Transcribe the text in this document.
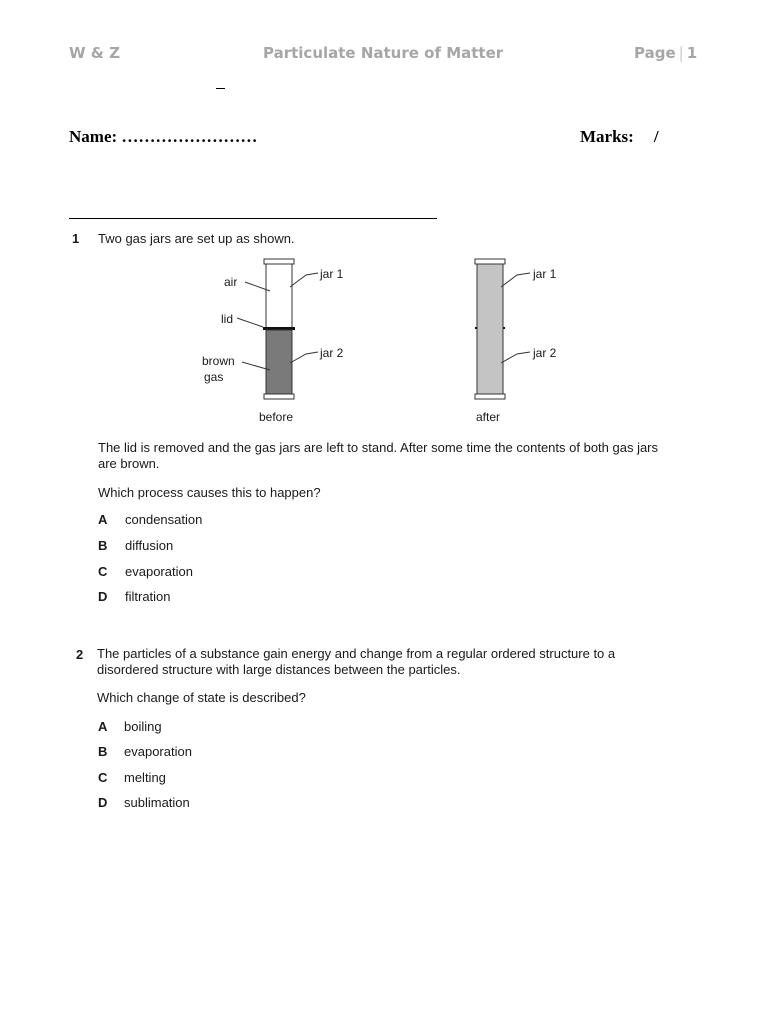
W & Z	Particulate Nature of Matter	Page | 1
Name: ……………………	Marks: /
1 Two gas jars are set up as shown.
air
lid
brown
gas
jar 1
jar 2
before
jar 1
jar 2
after
The lid is removed and the gas jars are left to stand. After some time the contents of both gas jars
are brown.
Which process causes this to happen?
A condensation
B diffusion
C evaporation
D filtration
2 The particles of a substance gain energy and change from a regular ordered structure to a
disordered structure with large distances between the particles.
Which change of state is described?
A boiling
B evaporation
C melting
D sublimation
